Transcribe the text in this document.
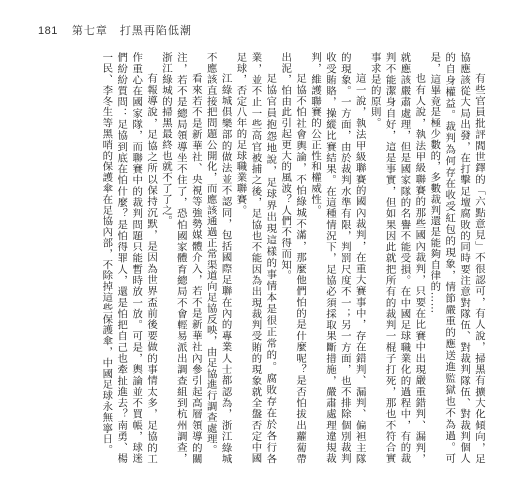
181 第七章　打黑再陷低潮

有些官員批評閻世鐸的「六點意見」不很認可，有人說，掃黑有擴大化傾向，足協應該從大局出發，在打擊足壇腐敗的同時要注意對隊伍、對裁判隊伍、對裁判個人的自身權益。裁判為何存在收受紅包的現象，情節嚴重的應送進監獄也不為過。可是，這畢竟是極少數的，多數裁判還是能夠自律的……

也有人說，執法甲級聯賽的那些國內裁判，只要在比賽中出現嚴重錯判、漏判，就應該嚴肅處理，但是國家隊的名譽不能受損。在中國足球職業化的過程中，有的裁判不能潔身自好，這是事實，但如果因此就把所有的裁判一棍子打死，那也不符合實事求是的原則。

這一說，執法甲級聯賽的國內裁判，在重大賽事中，存在錯判、漏判、偏袒主隊的現象。一方面，由於裁判水準有限，判罰尺度不一；另一方面，也不排除個別裁判收受賄賂，操縱比賽結果。在這種情況下，足協必須採取果斷措施，嚴肅處理違規裁判，維護聯賽的公正性和權威性。

足協不怕社會輿論，不怕綠城不滿，那麼他們怕的是什麼呢？是否怕拔出蘿蔔帶出泥，怕由此引起更大的風波？人們不得而知。

足協官員抱怨地說，足球界出現這樣的事情本是很正常的。腐敗存在於各行各業，並不止一些高官被捕之後，足協也不能因為出現裁判受賄的現象就全盤否定中國足球，否定八年的足球職業聯賽。

江綠城俱樂部的做法並不認同，包括國際足聯在內的專業人士都認為，浙江綠城不應該直接把問題公開化，而應該通過正常渠道向足協反映，由足協進行調查處理。

看來若不是新華社、央視等強勢媒體介入，若不是新華社內參引起高層領導的關注，若不是總局領導坐不住了，恐怕國家體育總局不會輕易派出調查組到杭州調查，浙江綠城的掃黑最終也就不了了之。

有報導說，足協之所以保持沉默，是因為世界盃前後要做的事情太多，足協的工作重心在國家隊，而聯賽中的裁判問題只能暫時放一放。可是，輿論並不買帳，球迷們紛紛質問：足協到底在怕什麼？是怕得罪人，還是怕把自己也牽扯進去？南勇、楊一民、李冬生等黑哨的保護傘在足協內部，不除掉這些保護傘，中國足球永無寧日。
